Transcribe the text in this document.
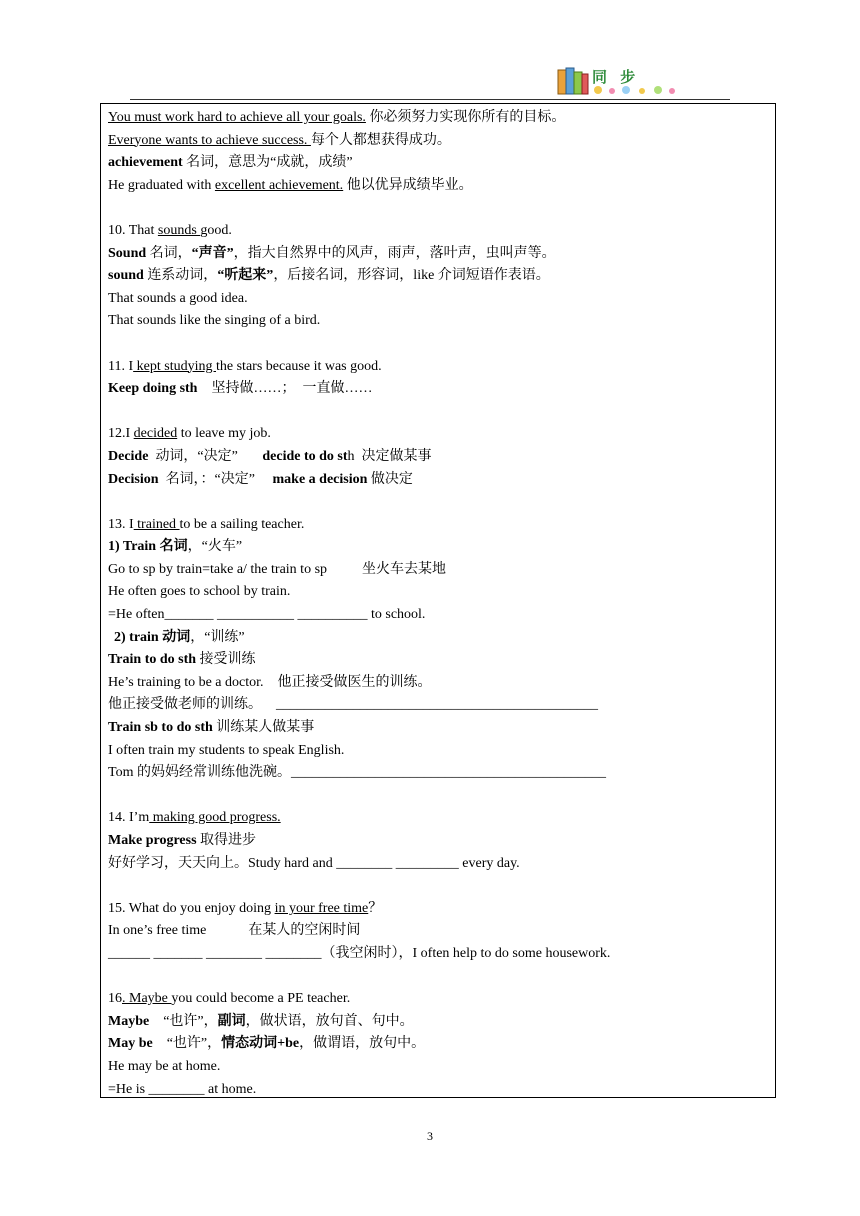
同 步
You must work hard to achieve all your goals. 你必须努力实现你所有的目标。
Everyone wants to achieve success. 每个人都想获得成功。
achievement 名词，意思为“成就，成绩”
He graduated with excellent achievement. 他以优异成绩毕业。
10. That sounds good.
Sound 名词，“声音”，指大自然界中的风声，雨声，落叶声，虫叫声等。
sound 连系动词，“听起来”，后接名词，形容词，like 介词短语作表语。
That sounds a good idea.
That sounds like the singing of a bird.
11. I kept studying the stars because it was good.
Keep doing sth    坚持做……；  一直做……
12.I decided to leave my job.
Decide  动词，“决定”       decide to do sth  决定做某事
Decision  名词，：“决定”     make a decision 做决定
13. I trained to be a sailing teacher.
1) Train 名词，“火车”
Go to sp by train=take a/ the train to sp          坐火车去某地
He often goes to school by train.
=He often_______ ___________ __________ to school.
2) train 动词，“训练”
Train to do sth 接受训练
He’s training to be a doctor.    他正接受做医生的训练。
他正接受做老师的训练。    ______________________________________________
Train sb to do sth 训练某人做某事
I often train my students to speak English.
Tom 的妈妈经常训练他洗碗。_____________________________________________
14. I’m making good progress.
Make progress 取得进步
好好学习，天天向上。Study hard and ________ _________ every day.
15. What do you enjoy doing in your free time？
In one’s free time            在某人的空闲时间
______ _______ ________ ________（我空闲时），I often help to do some housework.
16. Maybe you could become a PE teacher.
Maybe    “也许”，副词，做状语，放句首、句中。
May be    “也许”，情态动词+be，做谓语，放句中。
He may be at home.
=He is ________ at home.
3
